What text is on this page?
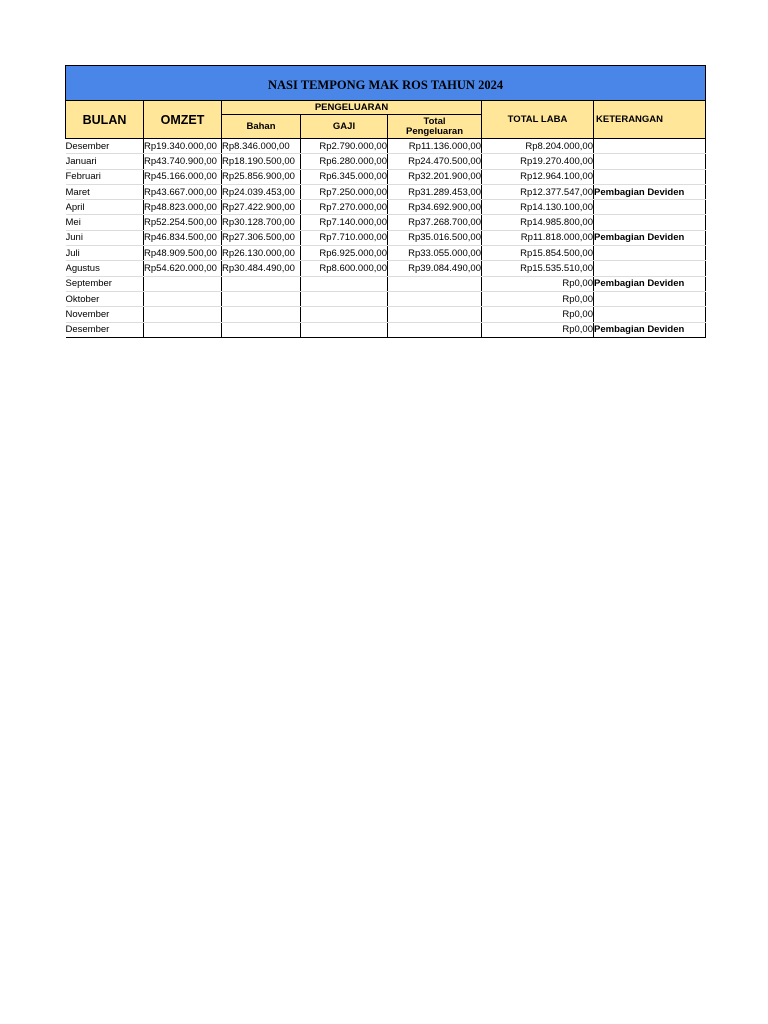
NASI TEMPONG MAK ROS TAHUN 2024						
BULAN	OMZET	PENGELUARAN			TOTAL LABA	KETERANGAN
		Bahan	GAJI	Total
Pengeluaran		

Desember	Rp19.340.000,00	Rp8.346.000,00	Rp2.790.000,00	Rp11.136.000,00	Rp8.204.000,00	
Januari	Rp43.740.900,00	Rp18.190.500,00	Rp6.280.000,00	Rp24.470.500,00	Rp19.270.400,00	
Februari	Rp45.166.000,00	Rp25.856.900,00	Rp6.345.000,00	Rp32.201.900,00	Rp12.964.100,00	
Maret	Rp43.667.000,00	Rp24.039.453,00	Rp7.250.000,00	Rp31.289.453,00	Rp12.377.547,00	Pembagian Deviden
April	Rp48.823.000,00	Rp27.422.900,00	Rp7.270.000,00	Rp34.692.900,00	Rp14.130.100,00	
Mei	Rp52.254.500,00	Rp30.128.700,00	Rp7.140.000,00	Rp37.268.700,00	Rp14.985.800,00	
Juni	Rp46.834.500,00	Rp27.306.500,00	Rp7.710.000,00	Rp35.016.500,00	Rp11.818.000,00	Pembagian Deviden
Juli	Rp48.909.500,00	Rp26.130.000,00	Rp6.925.000,00	Rp33.055.000,00	Rp15.854.500,00	
Agustus	Rp54.620.000,00	Rp30.484.490,00	Rp8.600.000,00	Rp39.084.490,00	Rp15.535.510,00	
September					Rp0,00	Pembagian Deviden
Oktober					Rp0,00	
November					Rp0,00	
Desember					Rp0,00	Pembagian Deviden
